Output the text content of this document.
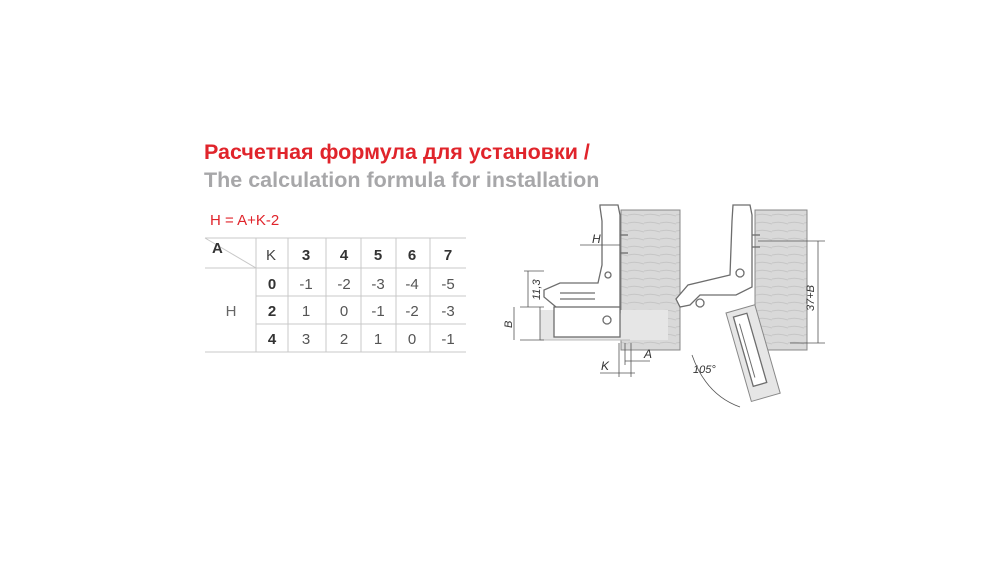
Расчетная формула для установки /
The calculation formula for installation
H = A+K-2
A	K
H
3 4 5 6 7
0 -1 -2 -3 -4 -5
2 1 0 -1 -2 -3
4 3 2 1 0 -1
H
11,3
B
K
A
37+B
105°
